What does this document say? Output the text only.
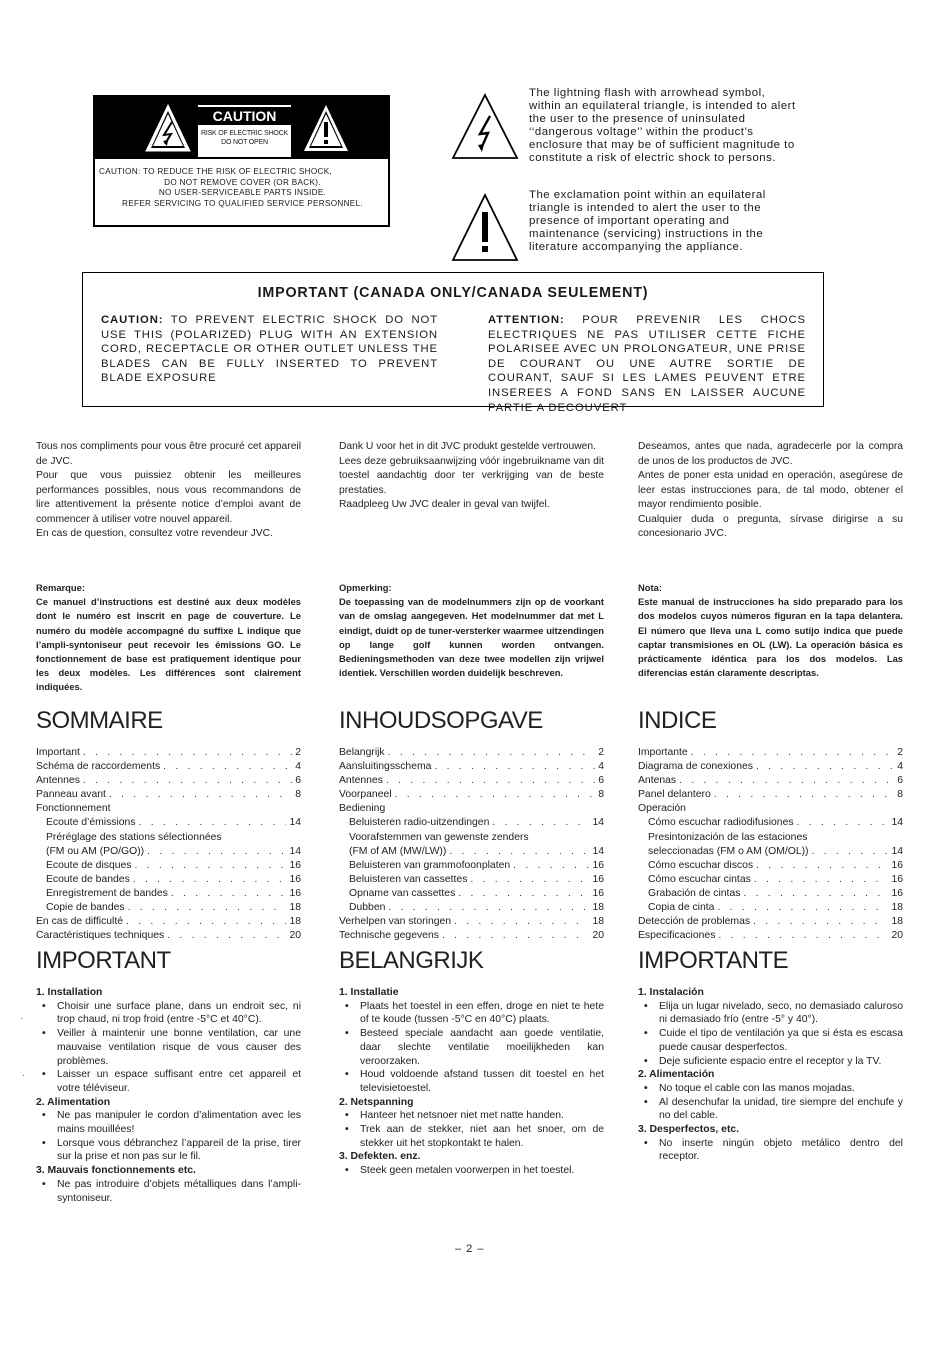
CAUTION
RISK OF ELECTRIC SHOCK
DO NOT OPEN
CAUTION: TO REDUCE THE RISK OF ELECTRIC SHOCK,
DO NOT REMOVE COVER (OR BACK).
NO USER-SERVICEABLE PARTS INSIDE.
REFER SERVICING TO QUALIFIED SERVICE PERSONNEL.
The lightning flash with arrowhead symbol, within an equilateral triangle, is intended to alert the user to the presence of uninsulated ‘‘dangerous voltage’’ within the product’s enclosure that may be of sufficient magnitude to constitute a risk of electric shock to persons.
The exclamation point within an equilateral triangle is intended to alert the user to the presence of important operating and maintenance (servicing) instructions in the literature accompanying the appliance.
IMPORTANT (CANADA ONLY/CANADA SEULEMENT)
CAUTION: TO PREVENT ELECTRIC SHOCK DO NOT USE THIS (POLARIZED) PLUG WITH AN EXTENSION CORD, RECEPTACLE OR OTHER OUTLET UNLESS THE BLADES CAN BE FULLY INSERTED TO PREVENT BLADE EXPOSURE
ATTENTION: POUR PREVENIR LES CHOCS ELECTRIQUES NE PAS UTILISER CETTE FICHE POLARISEE AVEC UN PROLONGATEUR, UNE PRISE DE COURANT OU UNE AUTRE SORTIE DE COURANT, SAUF SI LES LAMES PEUVENT ETRE INSEREES A FOND SANS EN LAISSER AUCUNE PARTIE A DECOUVERT
Tous nos compliments pour vous être procuré cet appareil de JVC.
Pour que vous puissiez obtenir les meilleures performances possibles, nous vous recommandons de lire attentivement la présente notice d’emploi avant de commencer à utiliser votre nouvel appareil.
En cas de question, consultez votre revendeur JVC.
Remarque:
Ce manuel d’instructions est destiné aux deux modèles dont le numéro est inscrit en page de couverture. Le numéro du modèle accompagné du suffixe L indique que l’ampli-syntoniseur peut recevoir les émissions GO. Le fonctionnement de base est pratiquement identique pour les deux modèles. Les différences sont clairement indiquées.
SOMMAIRE
Important . . .	2
Schéma de raccordements . . .	4
Antennes . . .	6
Panneau avant . . .	8
Fonctionnement
Ecoute d’émissions . . .	14
Préréglage des stations sélectionnées
(FM ou AM (PO/GO)) . . .	14
Ecoute de disques . . .	16
Ecoute de bandes . . .	16
Enregistrement de bandes . . .	16
Copie de bandes . . .	18
En cas de difficulté . . .	18
Caractéristiques techniques . . .	20
IMPORTANT
1. Installation
•	Choisir une surface plane, dans un endroit sec, ni trop chaud, ni trop froid (entre -5°C et 40°C).
•	Veiller à maintenir une bonne ventilation, car une mauvaise ventilation risque de vous causer des problèmes.
•	Laisser un espace suffisant entre cet appareil et votre téléviseur.
2. Alimentation
•	Ne pas manipuler le cordon d’alimentation avec les mains mouillées!
•	Lorsque vous débranchez l’appareil de la prise, tirer sur la prise et non pas sur le fil.
3. Mauvais fonctionnements etc.
•	Ne pas introduire d’objets métalliques dans l’ampli-syntoniseur.
Dank U voor het in dit JVC produkt gestelde vertrouwen.
Lees deze gebruiksaanwijzing vóór ingebruikname van dit toestel aandachtig door ter verkrijging van de beste prestaties.
Raadpleeg Uw JVC dealer in geval van twijfel.
Opmerking:
De toepassing van de modelnummers zijn op de voorkant van de omslag aangegeven. Het modelnummer dat met L eindigt, duidt op de tuner-versterker waarmee uitzendingen op lange golf kunnen worden ontvangen. Bedieningsmethoden van deze twee modellen zijn vrijwel identiek. Verschillen worden duidelijk beschreven.
INHOUDSOPGAVE
Belangrijk . . .	2
Aansluitingsschema . . .	4
Antennes . . .	6
Voorpaneel . . .	8
Bediening
Beluisteren radio-uitzendingen . . .	14
Voorafstemmen van gewenste zenders
(FM of AM (MW/LW)) . . .	14
Beluisteren van grammofoonplaten . . .	16
Beluisteren van cassettes . . .	16
Opname van cassettes . . .	16
Dubben . . .	18
Verhelpen van storingen . . .	18
Technische gegevens . . .	20
BELANGRIJK
1. Installatie
•	Plaats het toestel in een effen, droge en niet te hete of te koude (tussen -5°C en 40°C) plaats.
•	Besteed speciale aandacht aan goede ventilatie, daar slechte ventilatie moeilijkheden kan veroorzaken.
•	Houd voldoende afstand tussen dit toestel en het televisietoestel.
2. Netspanning
•	Hanteer het netsnoer niet met natte handen.
•	Trek aan de stekker, niet aan het snoer, om de stekker uit het stopkontakt te halen.
3. Defekten. enz.
•	Steek geen metalen voorwerpen in het toestel.
Deseamos, antes que nada, agradecerle por la compra de unos de los productos de JVC.
Antes de poner esta unidad en operación, asegúrese de leer estas instrucciones para, de tal modo, obtener el mayor rendimiento posible.
Cualquier duda o pregunta, sírvase dirigirse a su concesionario JVC.
Nota:
Este manual de instrucciones ha sido preparado para los dos modelos cuyos números figuran en la tapa delantera. El número que lleva una L como sutijo indica que puede captar transmisiones en OL (LW). La operación básica es prácticamente idéntica para los dos modelos. Las diferencias están claramente descriptas.
INDICE
Importante . . .	2
Diagrama de conexiones . . .	4
Antenas . . .	6
Panel delantero . . .	8
Operación
Cómo escuchar radiodifusiones . . .	14
Presintonización de las estaciones
seleccionadas (FM o AM (OM/OL)) . . .	14
Cómo escuchar discos . . .	16
Cómo escuchar cintas . . .	16
Grabación de cintas . . .	16
Copia de cinta . . .	18
Detección de problemas . . .	18
Especificaciones . . .	20
IMPORTANTE
1. Instalación
•	Elija un lugar nivelado, seco, no demasiado caluroso ni demasiado frío (entre -5° y 40°).
•	Cuide el tipo de ventilación ya que si ésta es escasa puede causar desperfectos.
•	Deje suficiente espacio entre el receptor y la TV.
2. Alimentación
•	No toque el cable con las manos mojadas.
•	Al desenchufar la unidad, tire siempre del enchufe y no del cable.
3. Desperfectos, etc.
•	No inserte ningún objeto metálico dentro del receptor.
·
·
– 2 –
